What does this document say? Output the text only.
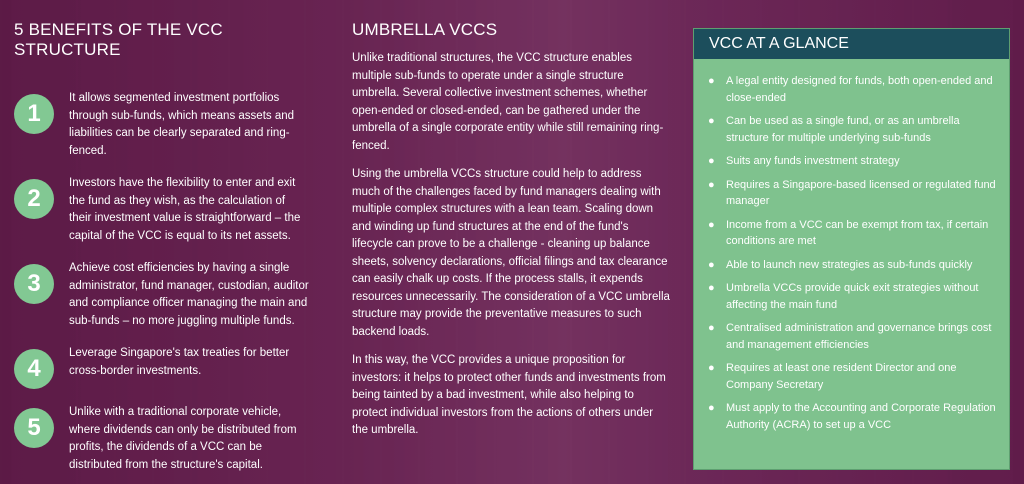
5 BENEFITS OF THE VCC STRUCTURE
1
It allows segmented investment portfolios through sub-funds, which means assets and liabilities can be clearly separated and ring-fenced.
2
Investors have the flexibility to enter and exit the fund as they wish, as the calculation of their investment value is straightforward – the capital of the VCC is equal to its net assets.
3
Achieve cost efficiencies by having a single administrator, fund manager, custodian, auditor and compliance officer managing the main and sub-funds – no more juggling multiple funds.
4
Leverage Singapore's tax treaties for better cross-border investments.
5
Unlike with a traditional corporate vehicle, where dividends can only be distributed from profits, the dividends of a VCC can be distributed from the structure's capital.
UMBRELLA VCCS

Unlike traditional structures, the VCC structure enables multiple sub-funds to operate under a single structure umbrella. Several collective investment schemes, whether open-ended or closed-ended, can be gathered under the umbrella of a single corporate entity while still remaining ring-fenced.

Using the umbrella VCCs structure could help to address much of the challenges faced by fund managers dealing with multiple complex structures with a lean team. Scaling down and winding up fund structures at the end of the fund's lifecycle can prove to be a challenge - cleaning up balance sheets, solvency declarations, official filings and tax clearance can easily chalk up costs. If the process stalls, it expends resources unnecessarily. The consideration of a VCC umbrella structure may provide the preventative measures to such backend loads.

In this way, the VCC provides a unique proposition for investors: it helps to protect other funds and investments from being tainted by a bad investment, while also helping to protect individual investors from the actions of others under the umbrella.

VCC AT A GLANCE
●	A legal entity designed for funds, both open-ended and close-ended
●	Can be used as a single fund, or as an umbrella structure for multiple underlying sub-funds
●	Suits any funds investment strategy
●	Requires a Singapore-based licensed or regulated fund manager
●	Income from a VCC can be exempt from tax, if certain conditions are met
●	Able to launch new strategies as sub-funds quickly
●	Umbrella VCCs provide quick exit strategies without affecting the main fund
●	Centralised administration and governance brings cost and management efficiencies
●	Requires at least one resident Director and one Company Secretary
●	Must apply to the Accounting and Corporate Regulation Authority (ACRA) to set up a VCC
